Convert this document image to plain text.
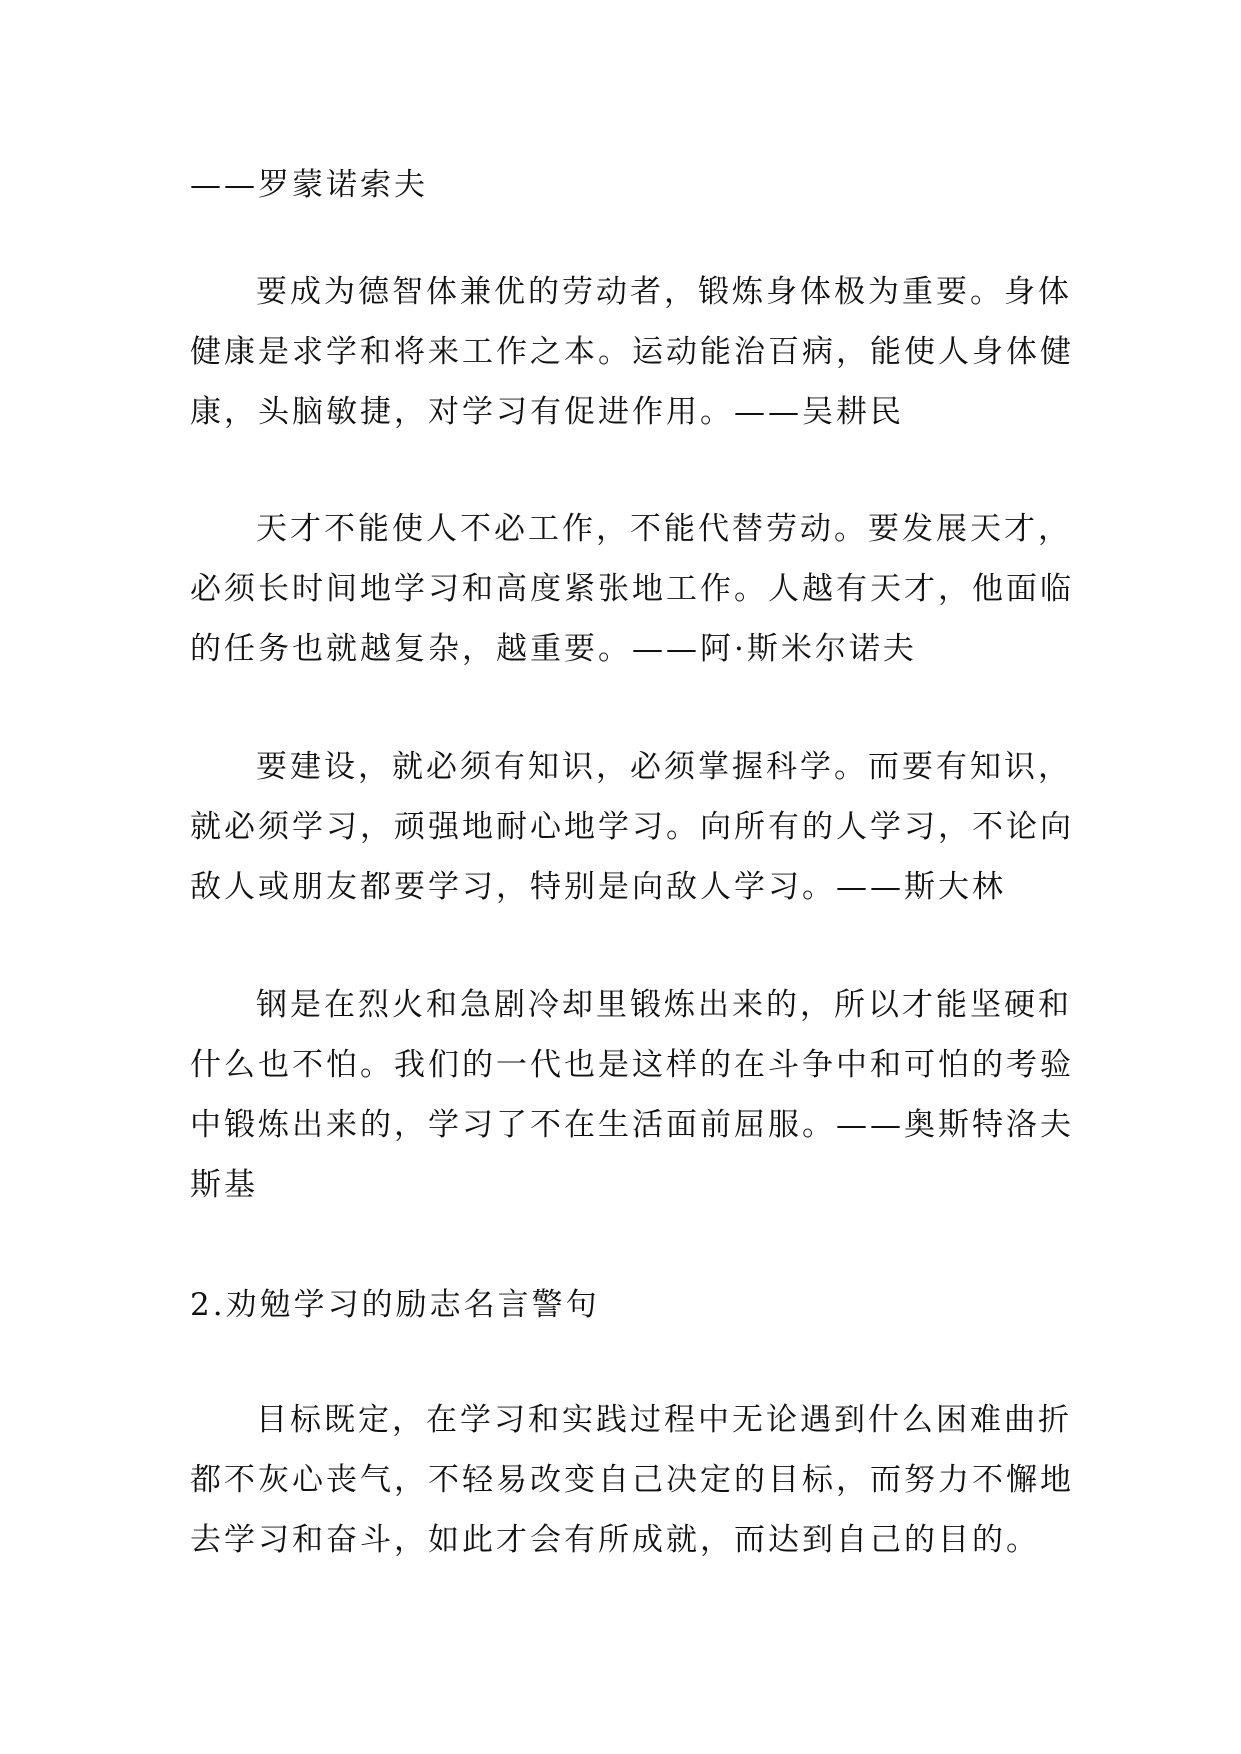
——罗蒙诺索夫

要成为德智体兼优的劳动者，锻炼身体极为重要。身体

健康是求学和将来工作之本。运动能治百病，能使人身体健

康，头脑敏捷，对学习有促进作用。——吴耕民

天才不能使人不必工作，不能代替劳动。要发展天才，

必须长时间地学习和高度紧张地工作。人越有天才，他面临

的任务也就越复杂，越重要。——阿·斯米尔诺夫

要建设，就必须有知识，必须掌握科学。而要有知识，

就必须学习，顽强地耐心地学习。向所有的人学习，不论向

敌人或朋友都要学习，特别是向敌人学习。——斯大林

钢是在烈火和急剧冷却里锻炼出来的，所以才能坚硬和

什么也不怕。我们的一代也是这样的在斗争中和可怕的考验

中锻炼出来的，学习了不在生活面前屈服。——奥斯特洛夫

斯基

2.劝勉学习的励志名言警句

目标既定，在学习和实践过程中无论遇到什么困难曲折

都不灰心丧气，不轻易改变自己决定的目标，而努力不懈地

去学习和奋斗，如此才会有所成就，而达到自己的目的。
